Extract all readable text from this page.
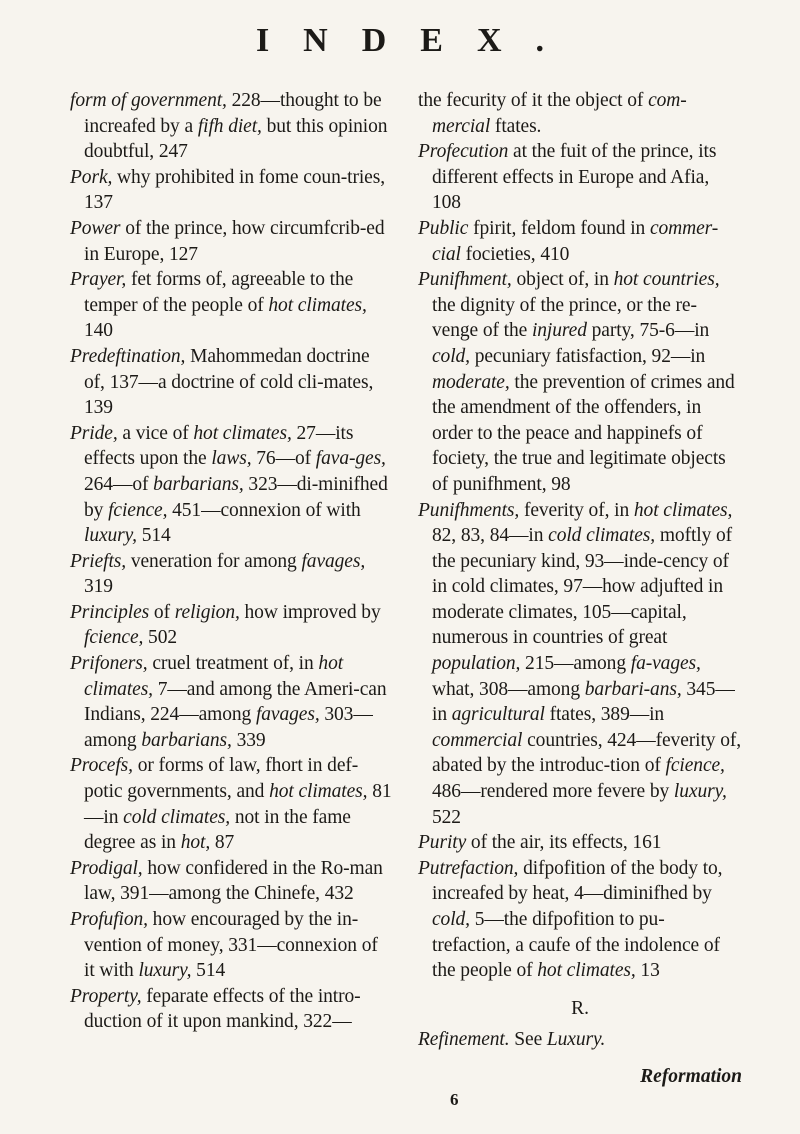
INDEX.

form of government, 228—thought to be increafed by a fifh diet, but this opinion doubtful, 247

Pork, why prohibited in fome coun-tries, 137

Power of the prince, how circumfcrib-ed in Europe, 127

Prayer, fet forms of, agreeable to the temper of the people of hot climates, 140

Predeftination, Mahommedan doctrine of, 137—a doctrine of cold cli-mates, 139

Pride, a vice of hot climates, 27—its effects upon the laws, 76—of fava-ges, 264—of barbarians, 323—di-minifhed by fcience, 451—connexion of with luxury, 514

Priefts, veneration for among favages, 319

Principles of religion, how improved by fcience, 502

Prifoners, cruel treatment of, in hot climates, 7—and among the Ameri-can Indians, 224—among favages, 303—among barbarians, 339

Procefs, or forms of law, fhort in def-potic governments, and hot climates, 81—in cold climates, not in the fame degree as in hot, 87

Prodigal, how confidered in the Ro-man law, 391—among the Chinefe, 432

Profufion, how encouraged by the in-vention of money, 331—connexion of it with luxury, 514

Property, feparate effects of the intro-duction of it upon mankind, 322—

the fecurity of it the object of com-mercial ftates.

Profecution at the fuit of the prince, its different effects in Europe and Afia, 108

Public fpirit, feldom found in commer-cial focieties, 410

Punifhment, object of, in hot countries, the dignity of the prince, or the re-venge of the injured party, 75-6—in cold, pecuniary fatisfaction, 92—in moderate, the prevention of crimes and the amendment of the offenders, in order to the peace and happinefs of fociety, the true and legitimate objects of punifhment, 98

Punifhments, feverity of, in hot climates, 82, 83, 84—in cold climates, moftly of the pecuniary kind, 93—inde-cency of in cold climates, 97—how adjufted in moderate climates, 105—capital, numerous in countries of great population, 215—among fa-vages, what, 308—among barbari-ans, 345—in agricultural ftates, 389—in commercial countries, 424—feverity of, abated by the introduc-tion of fcience, 486—rendered more fevere by luxury, 522

Purity of the air, its effects, 161

Putrefaction, difpofition of the body to, increafed by heat, 4—diminifhed by cold, 5—the difpofition to pu-trefaction, a caufe of the indolence of the people of hot climates, 13

R.

Refinement. See Luxury.

Reformation
6
